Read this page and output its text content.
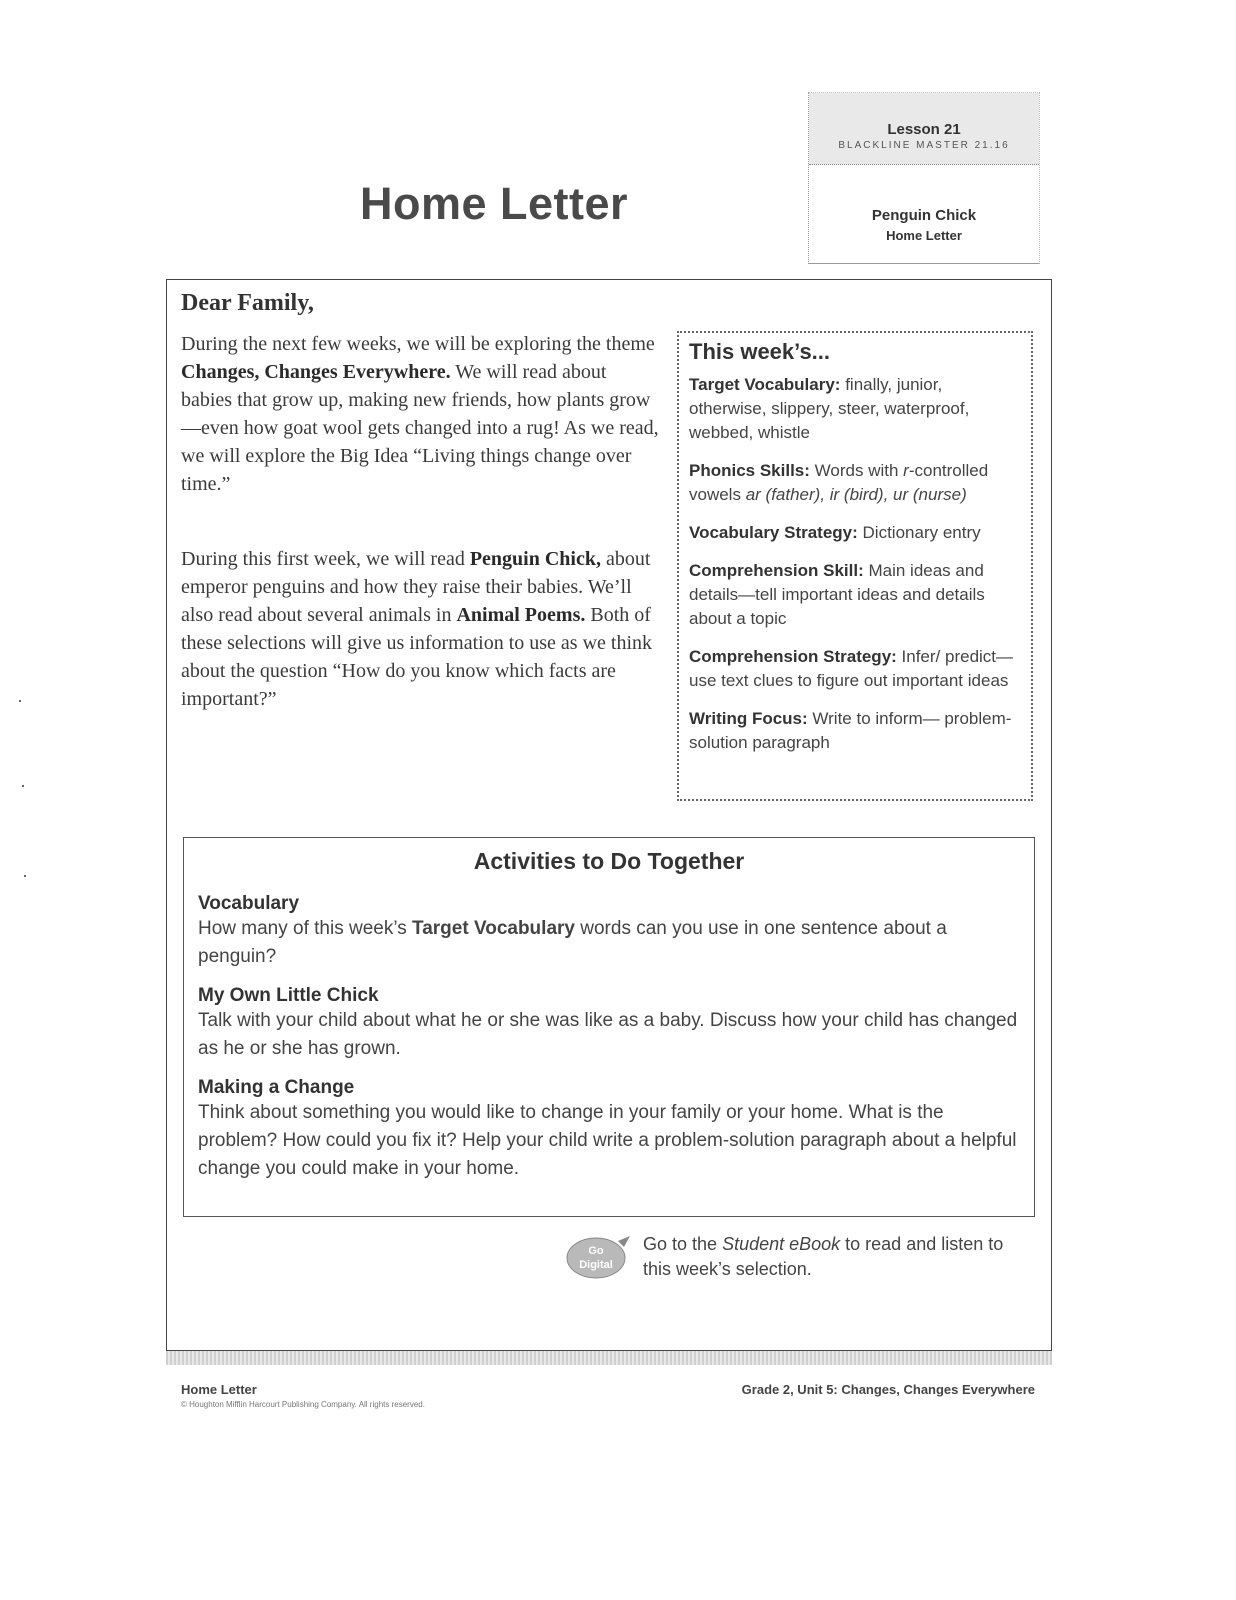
Home Letter
Lesson 21
BLACKLINE MASTER 21.16
Penguin Chick
Home Letter
Dear Family,
During the next few weeks, we will be exploring the theme Changes, Changes Everywhere. We will read about babies that grow up, making new friends, how plants grow—even how goat wool gets changed into a rug! As we read, we will explore the Big Idea “Living things change over time.”
During this first week, we will read Penguin Chick, about emperor penguins and how they raise their babies. We’ll also read about several animals in Animal Poems. Both of these selections will give us information to use as we think about the question “How do you know which facts are important?”
This week’s...
Target Vocabulary: finally, junior, otherwise, slippery, steer, waterproof, webbed, whistle
Phonics Skills: Words with r-controlled vowels ar (father), ir (bird), ur (nurse)
Vocabulary Strategy: Dictionary entry
Comprehension Skill: Main ideas and details—tell important ideas and details about a topic
Comprehension Strategy: Infer/ predict—use text clues to figure out important ideas
Writing Focus: Write to inform— problem-solution paragraph
Activities to Do Together
Vocabulary
How many of this week’s Target Vocabulary words can you use in one sentence about a penguin?
My Own Little Chick
Talk with your child about what he or she was like as a baby. Discuss how your child has changed as he or she has grown.
Making a Change
Think about something you would like to change in your family or your home. What is the problem? How could you fix it? Help your child write a problem-solution paragraph about a helpful change you could make in your home.
Go
Digital
Go to the Student eBook to read and listen to this week’s selection.
Home Letter
© Houghton Mifflin Harcourt Publishing Company. All rights reserved.
Grade 2, Unit 5: Changes, Changes Everywhere
